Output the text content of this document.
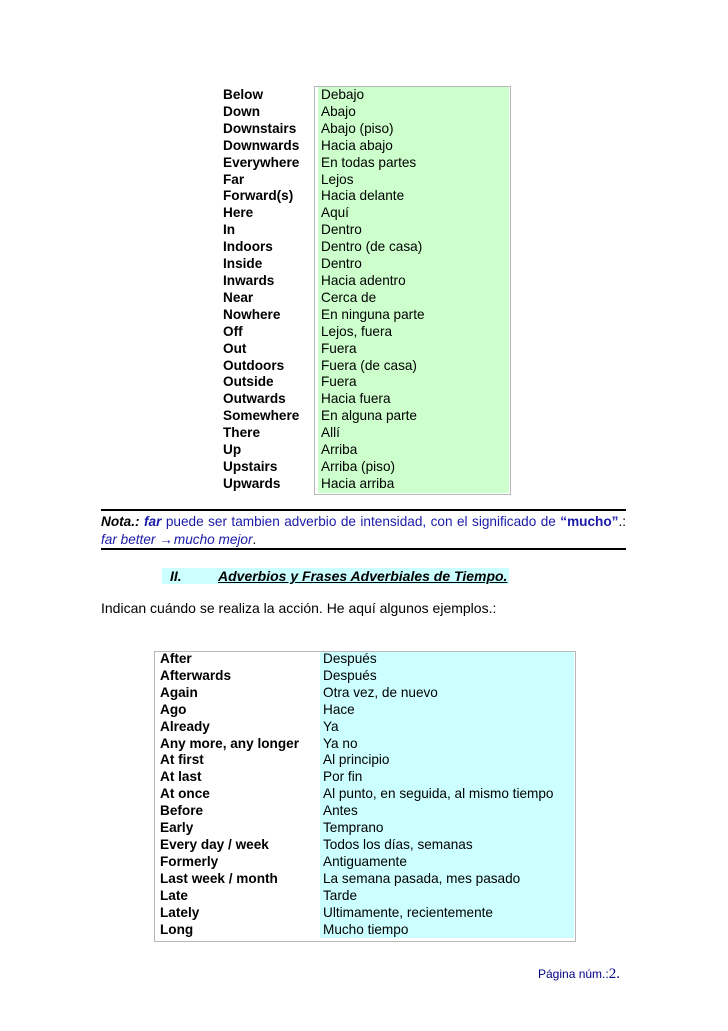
Below	Debajo
Down	Abajo
Downstairs	Abajo (piso)
Downwards	Hacia abajo
Everywhere	En todas partes
Far	Lejos
Forward(s)	Hacia delante
Here	Aquí
In	Dentro
Indoors	Dentro (de casa)
Inside	Dentro
Inwards	Hacia adentro
Near	Cerca de
Nowhere	En ninguna parte
Off	Lejos, fuera
Out	Fuera
Outdoors	Fuera (de casa)
Outside	Fuera
Outwards	Hacia fuera
Somewhere	En alguna parte
There	Allí
Up	Arriba
Upstairs	Arriba (piso)
Upwards	Hacia arriba
Nota.: far puede ser tambien adverbio de intensidad, con el significado de “mucho”.: far better → mucho mejor.
II.	Adverbios y Frases Adverbiales de Tiempo.
Indican cuándo se realiza la acción. He aquí algunos ejemplos.:
After	Después
Afterwards	Después
Again	Otra vez, de nuevo
Ago	Hace
Already	Ya
Any more, any longer	Ya no
At first	Al principio
At last	Por fin
At once	Al punto, en seguida, al mismo tiempo
Before	Antes
Early	Temprano
Every day / week	Todos los días, semanas
Formerly	Antiguamente
Last week / month	La semana pasada, mes pasado
Late	Tarde
Lately	Ultimamente, recientemente
Long	Mucho tiempo
Página núm.:2.
